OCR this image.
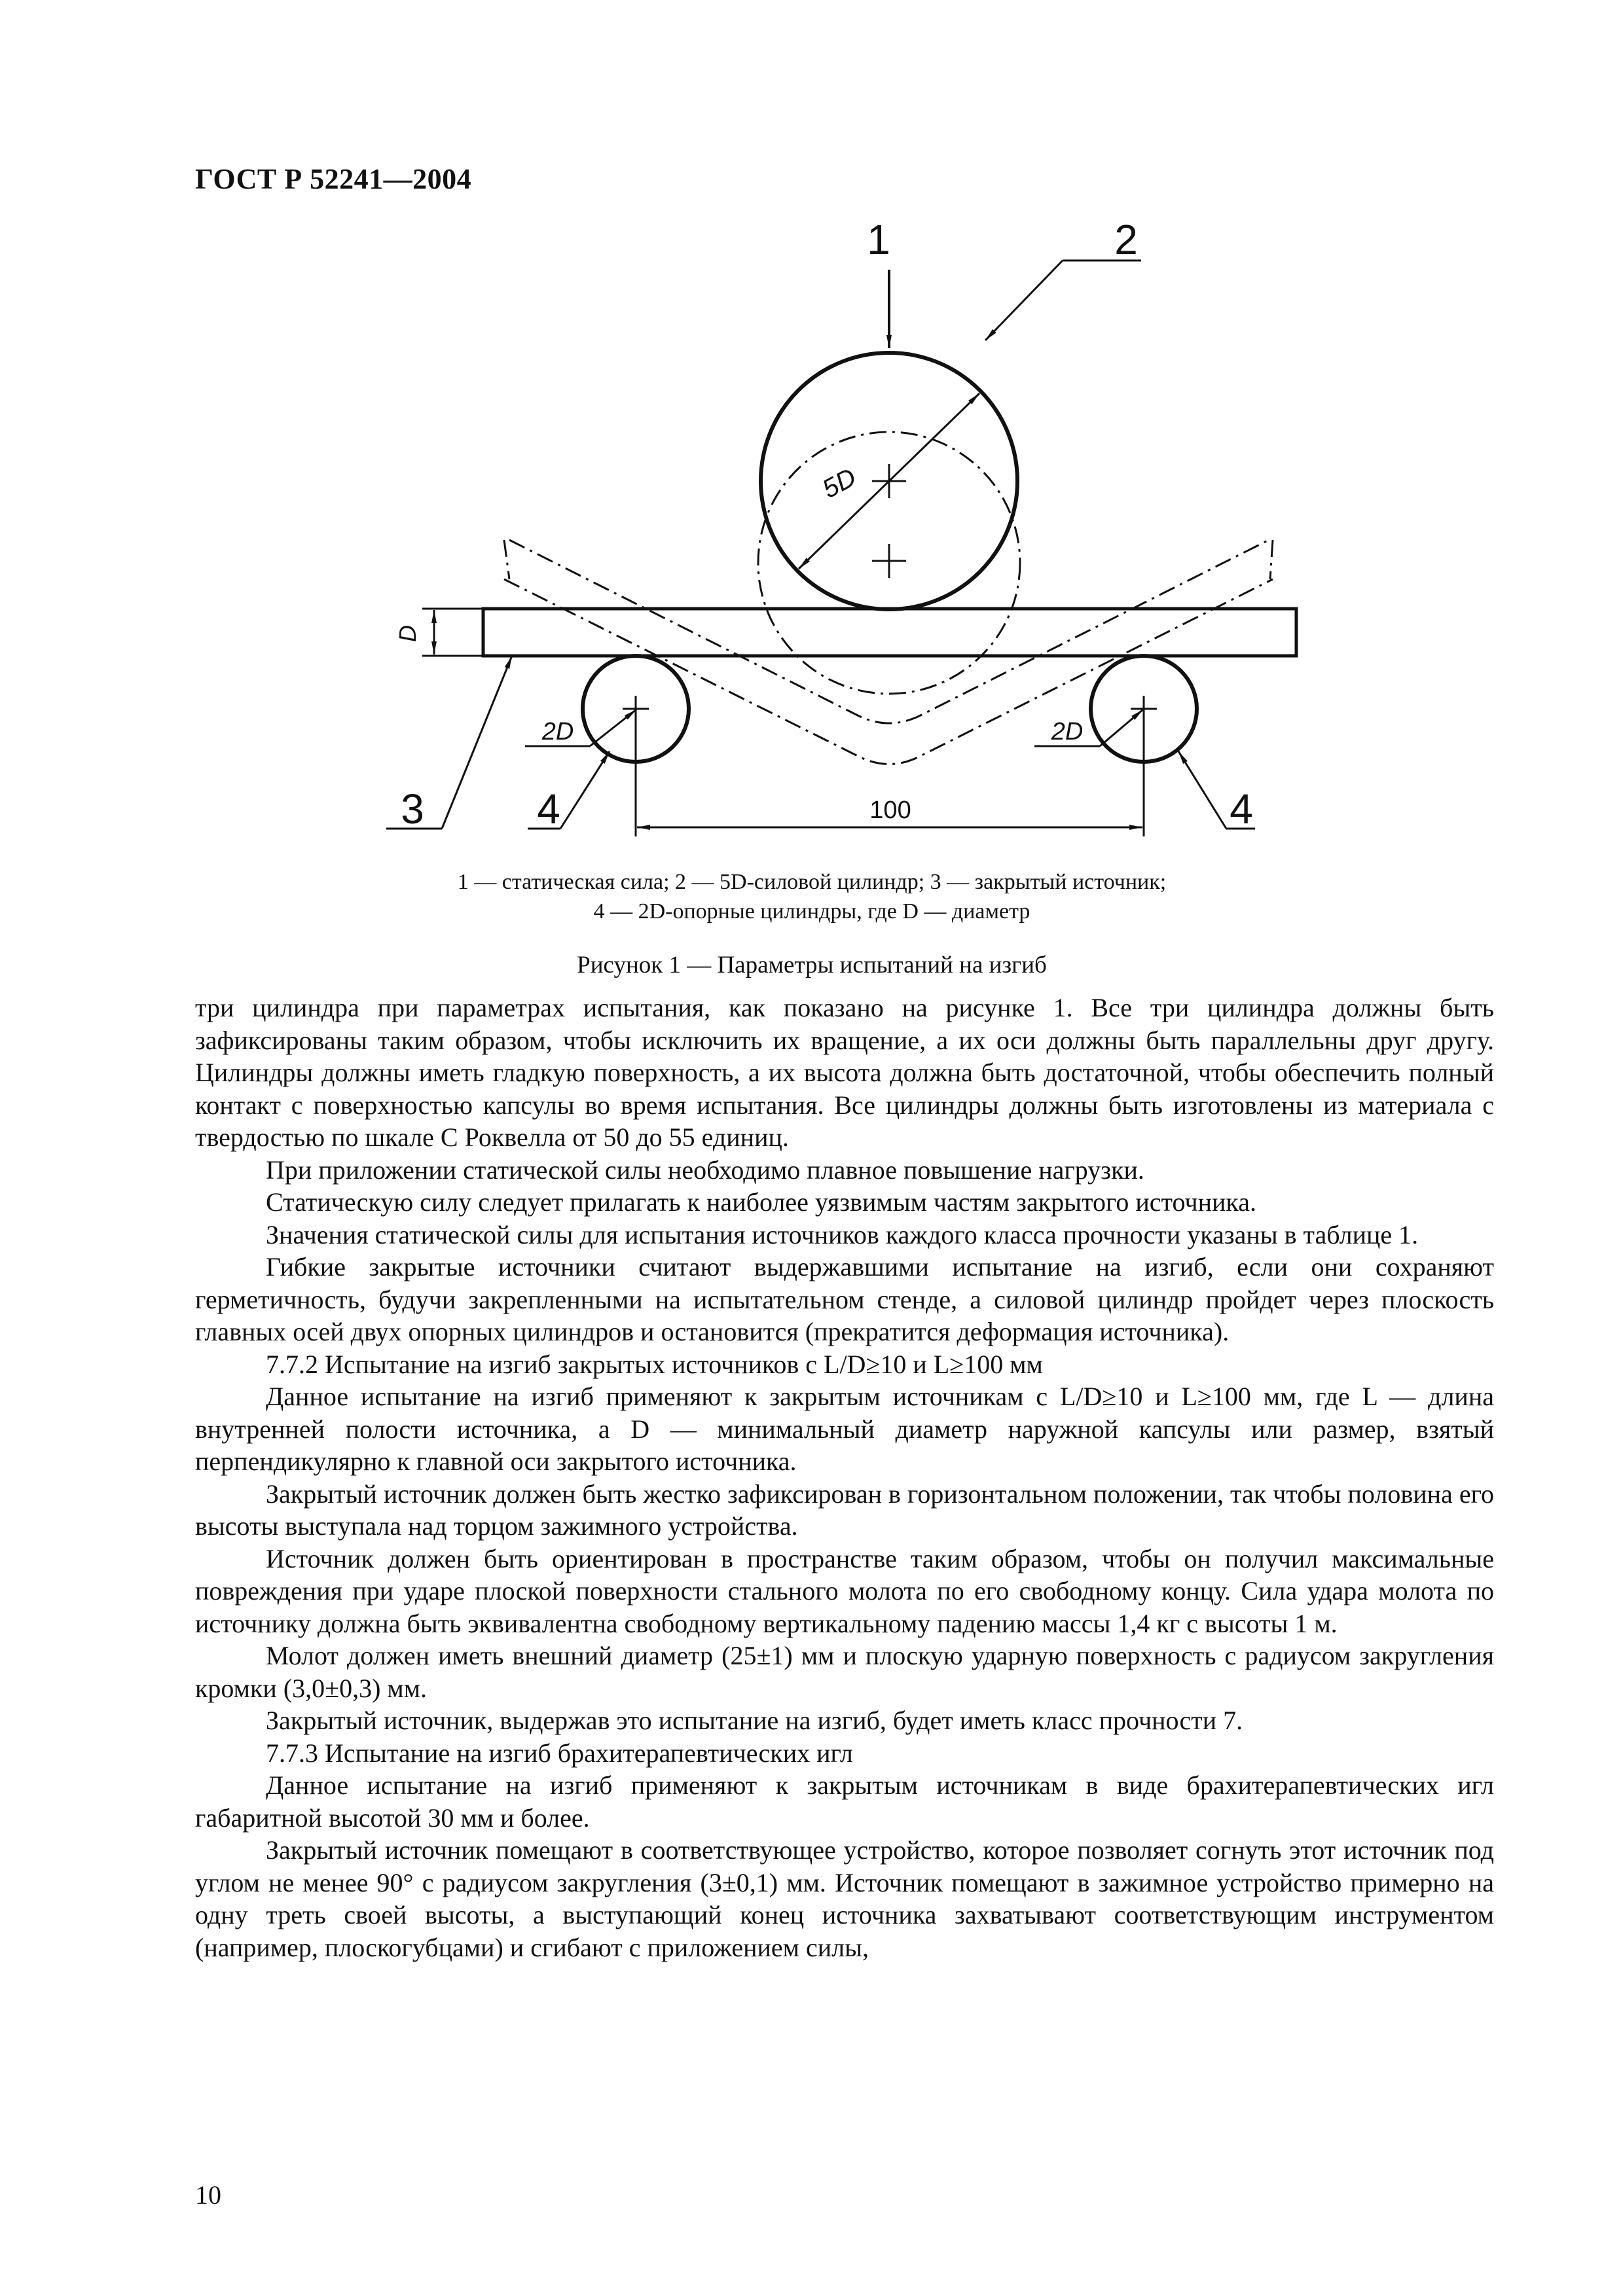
ГОСТ Р 52241—2004
1	2
3	4	4
5D
2D	2D
D
100
1 — статическая сила; 2 — 5D-силовой цилиндр; 3 — закрытый источник;
4 — 2D-опорные цилиндры, где D — диаметр
Рисунок 1 — Параметры испытаний на изгиб

три цилиндра при параметрах испытания, как показано на рисунке 1. Все три цилиндра должны быть зафиксированы таким образом, чтобы исключить их вращение, а их оси должны быть параллельны друг другу. Цилиндры должны иметь гладкую поверхность, а их высота должна быть достаточной, чтобы обеспечить полный контакт с поверхностью капсулы во время испытания. Все цилиндры должны быть изготовлены из материала с твердостью по шкале С Роквелла от 50 до 55 единиц.

При приложении статической силы необходимо плавное повышение нагрузки.

Статическую силу следует прилагать к наиболее уязвимым частям закрытого источника.

Значения статической силы для испытания источников каждого класса прочности указаны в таблице 1.

Гибкие закрытые источники считают выдержавшими испытание на изгиб, если они сохраняют герметичность, будучи закрепленными на испытательном стенде, а силовой цилиндр пройдет через плоскость главных осей двух опорных цилиндров и остановится (прекратится деформация источника).

7.7.2 Испытание на изгиб закрытых источников с L/D≥10 и L≥100 мм

Данное испытание на изгиб применяют к закрытым источникам с L/D≥10 и L≥100 мм, где L — длина внутренней полости источника, а D — минимальный диаметр наружной капсулы или размер, взятый перпендикулярно к главной оси закрытого источника.

Закрытый источник должен быть жестко зафиксирован в горизонтальном положении, так чтобы половина его высоты выступала над торцом зажимного устройства.

Источник должен быть ориентирован в пространстве таким образом, чтобы он получил максимальные повреждения при ударе плоской поверхности стального молота по его свободному концу. Сила удара молота по источнику должна быть эквивалентна свободному вертикальному падению массы 1,4 кг с высоты 1 м.

Молот должен иметь внешний диаметр (25±1) мм и плоскую ударную поверхность с радиусом закругления кромки (3,0±0,3) мм.

Закрытый источник, выдержав это испытание на изгиб, будет иметь класс прочности 7.

7.7.3 Испытание на изгиб брахитерапевтических игл

Данное испытание на изгиб применяют к закрытым источникам в виде брахитерапевтических игл габаритной высотой 30 мм и более.

Закрытый источник помещают в соответствующее устройство, которое позволяет согнуть этот источник под углом не менее 90° с радиусом закругления (3±0,1) мм. Источник помещают в зажимное устройство примерно на одну треть своей высоты, а выступающий конец источника захватывают соответствующим инструментом (например, плоскогубцами) и сгибают с приложением силы,

10
